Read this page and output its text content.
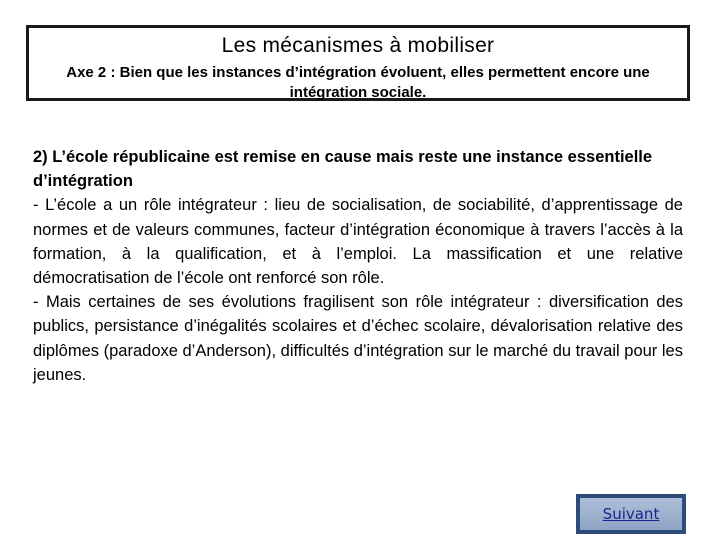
Les mécanismes à mobiliser
Axe 2 : Bien que les instances d’intégration évoluent, elles permettent encore une intégration sociale.
2) L’école républicaine est remise en cause mais reste une instance essentielle d’intégration

- L’école a un rôle intégrateur : lieu de socialisation, de sociabilité, d’apprentissage de normes et de valeurs communes, facteur d’intégration économique à travers l’accès à la formation, à la qualification, et à l’emploi. La massification et une relative démocratisation de l’école ont renforcé son rôle.

- Mais certaines de ses évolutions fragilisent son rôle intégrateur : diversification des publics, persistance d’inégalités scolaires et d’échec scolaire, dévalorisation relative des diplômes (paradoxe d’Anderson), difficultés d’intégration sur le marché du travail pour les jeunes.

Suivant
